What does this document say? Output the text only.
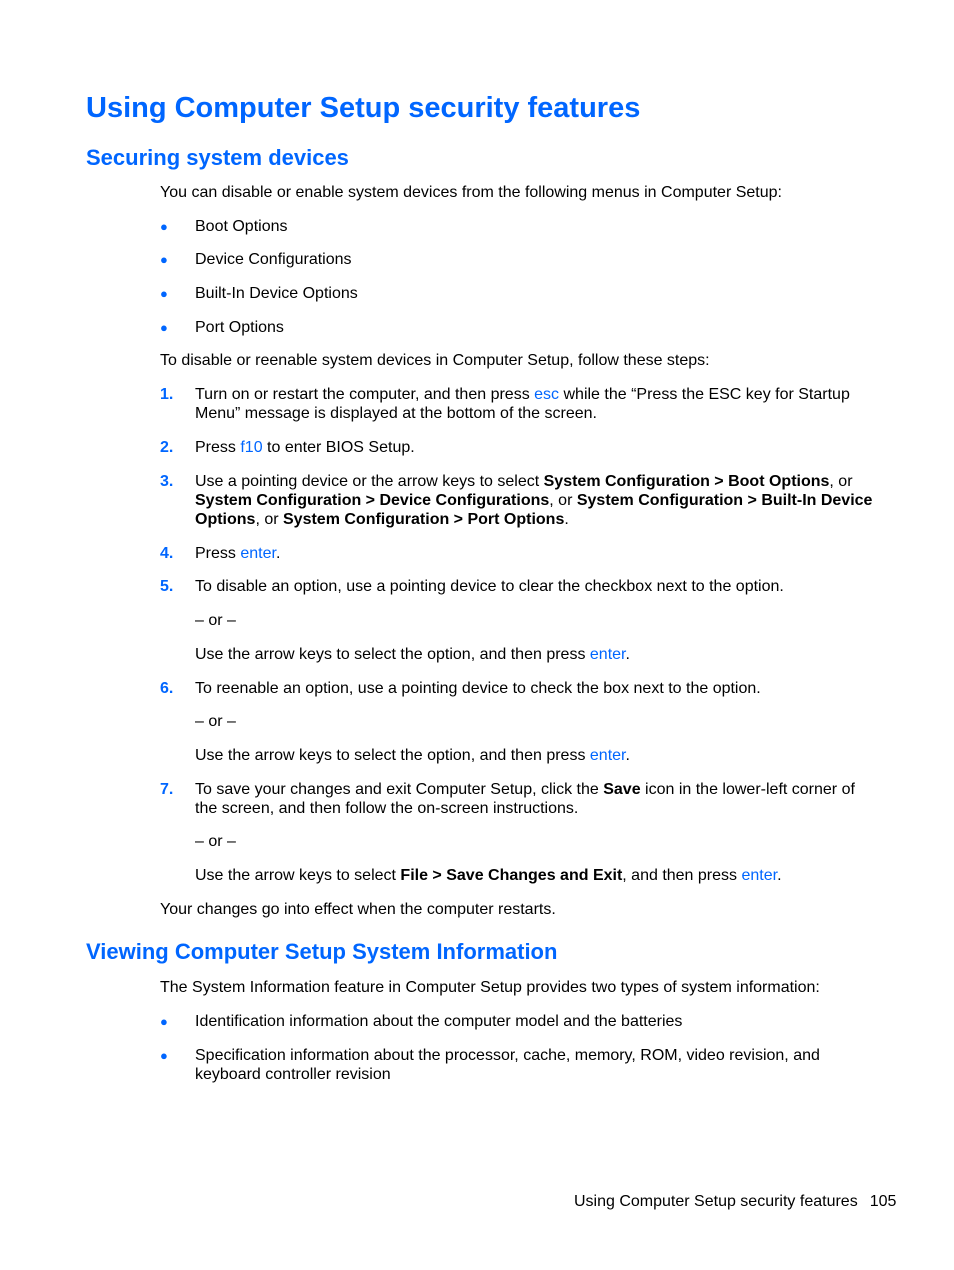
Using Computer Setup security features
Securing system devices

You can disable or enable system devices from the following menus in Computer Setup:

● Boot Options
● Device Configurations
● Built-In Device Options
● Port Options

To disable or reenable system devices in Computer Setup, follow these steps:

1. Turn on or restart the computer, and then press esc while the “Press the ESC key for Startup Menu” message is displayed at the bottom of the screen.
2. Press f10 to enter BIOS Setup.
3. Use a pointing device or the arrow keys to select System Configuration > Boot Options, or System Configuration > Device Configurations, or System Configuration > Built-In Device Options, or System Configuration > Port Options.
4. Press enter.
5. To disable an option, use a pointing device to clear the checkbox next to the option.
– or –
Use the arrow keys to select the option, and then press enter.
6. To reenable an option, use a pointing device to check the box next to the option.
– or –
Use the arrow keys to select the option, and then press enter.
7. To save your changes and exit Computer Setup, click the Save icon in the lower-left corner of the screen, and then follow the on-screen instructions.
– or –
Use the arrow keys to select File > Save Changes and Exit, and then press enter.

Your changes go into effect when the computer restarts.

Viewing Computer Setup System Information

The System Information feature in Computer Setup provides two types of system information:

● Identification information about the computer model and the batteries
● Specification information about the processor, cache, memory, ROM, video revision, and keyboard controller revision
Using Computer Setup security features 105
